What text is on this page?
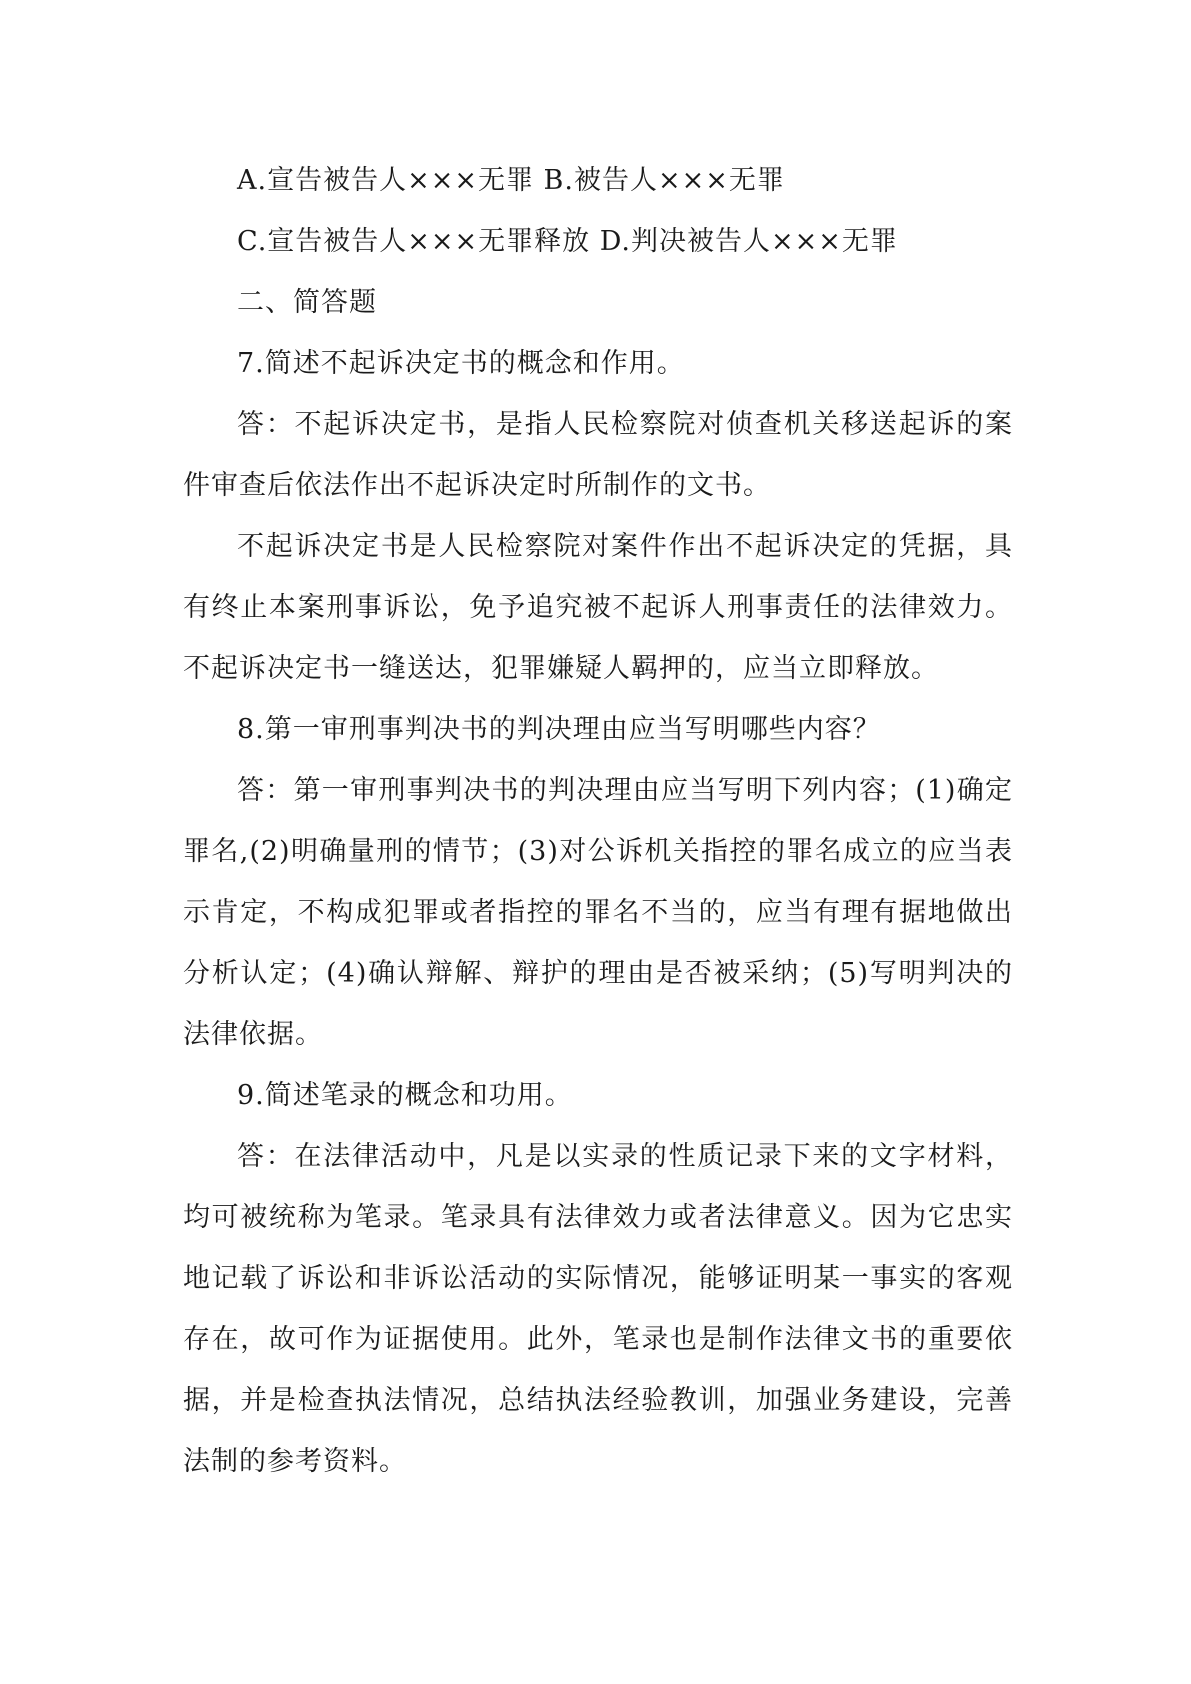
A.宣告被告人×××无罪 B.被告人×××无罪

C.宣告被告人×××无罪释放 D.判决被告人×××无罪

二、简答题

7.简述不起诉决定书的概念和作用。

答：不起诉决定书，是指人民检察院对侦查机关移送起诉的案件审查后依法作出不起诉决定时所制作的文书。

不起诉决定书是人民检察院对案件作出不起诉决定的凭据，具有终止本案刑事诉讼，免予追究被不起诉人刑事责任的法律效力。不起诉决定书一缝送达，犯罪嫌疑人羁押的，应当立即释放。

8.第一审刑事判决书的判决理由应当写明哪些内容？

答：第一审刑事判决书的判决理由应当写明下列内容；(1)确定罪名,(2)明确量刑的情节；(3)对公诉机关指控的罪名成立的应当表示肯定，不构成犯罪或者指控的罪名不当的，应当有理有据地做出分析认定；(4)确认辩解、辩护的理由是否被采纳；(5)写明判决的法律依据。

9.简述笔录的概念和功用。

答：在法律活动中，凡是以实录的性质记录下来的文字材料，均可被统称为笔录。笔录具有法律效力或者法律意义。因为它忠实地记载了诉讼和非诉讼活动的实际情况，能够证明某一事实的客观存在，故可作为证据使用。此外，笔录也是制作法律文书的重要依据，并是检查执法情况，总结执法经验教训，加强业务建设，完善法制的参考资料。
